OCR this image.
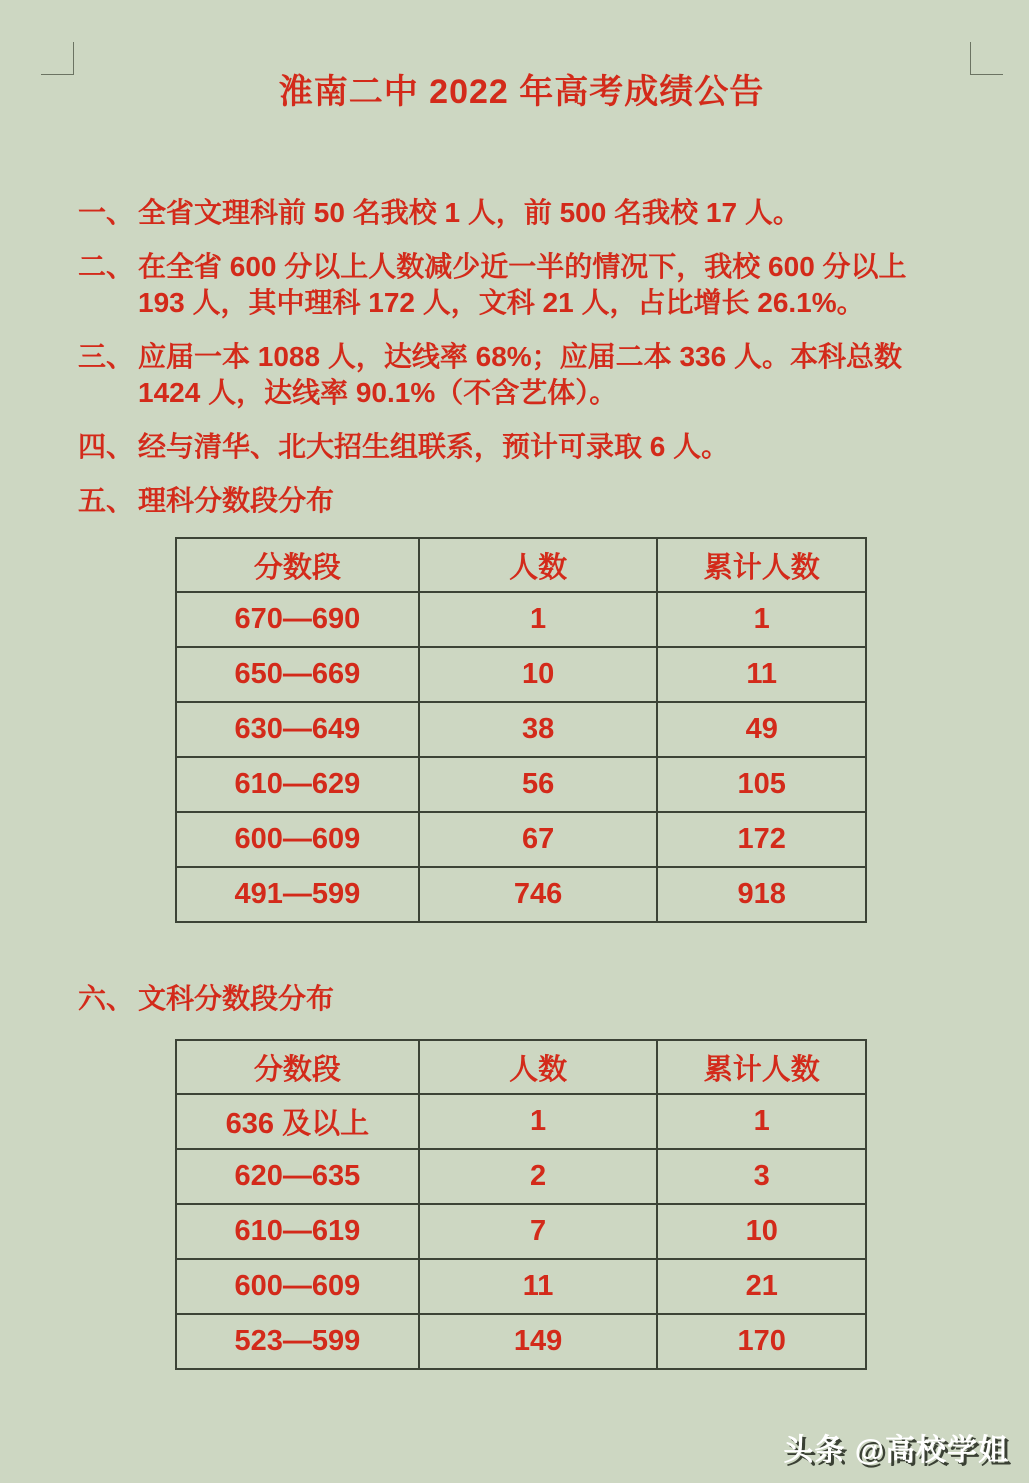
淮南二中 2022 年高考成绩公告
一、 全省文理科前 50 名我校 1 人，前 500 名我校 17 人。
二、 在全省 600 分以上人数减少近一半的情况下，我校 600 分以上
193 人，其中理科 172 人，文科 21 人，占比增长 26.1%。
三、 应届一本 1088 人，达线率 68%；应届二本 336 人。本科总数
1424 人，达线率 90.1%（不含艺体）。
四、 经与清华、北大招生组联系，预计可录取 6 人。
五、 理科分数段分布
分数段	人数	累计人数
670—690	1	1
650—669	10	11
630—649	38	49
610—629	56	105
600—609	67	172
491—599	746	918
六、 文科分数段分布
分数段	人数	累计人数
636 及以上	1	1
620—635	2	3
610—619	7	10
600—609	11	21
523—599	149	170
头条 @高校学姐
